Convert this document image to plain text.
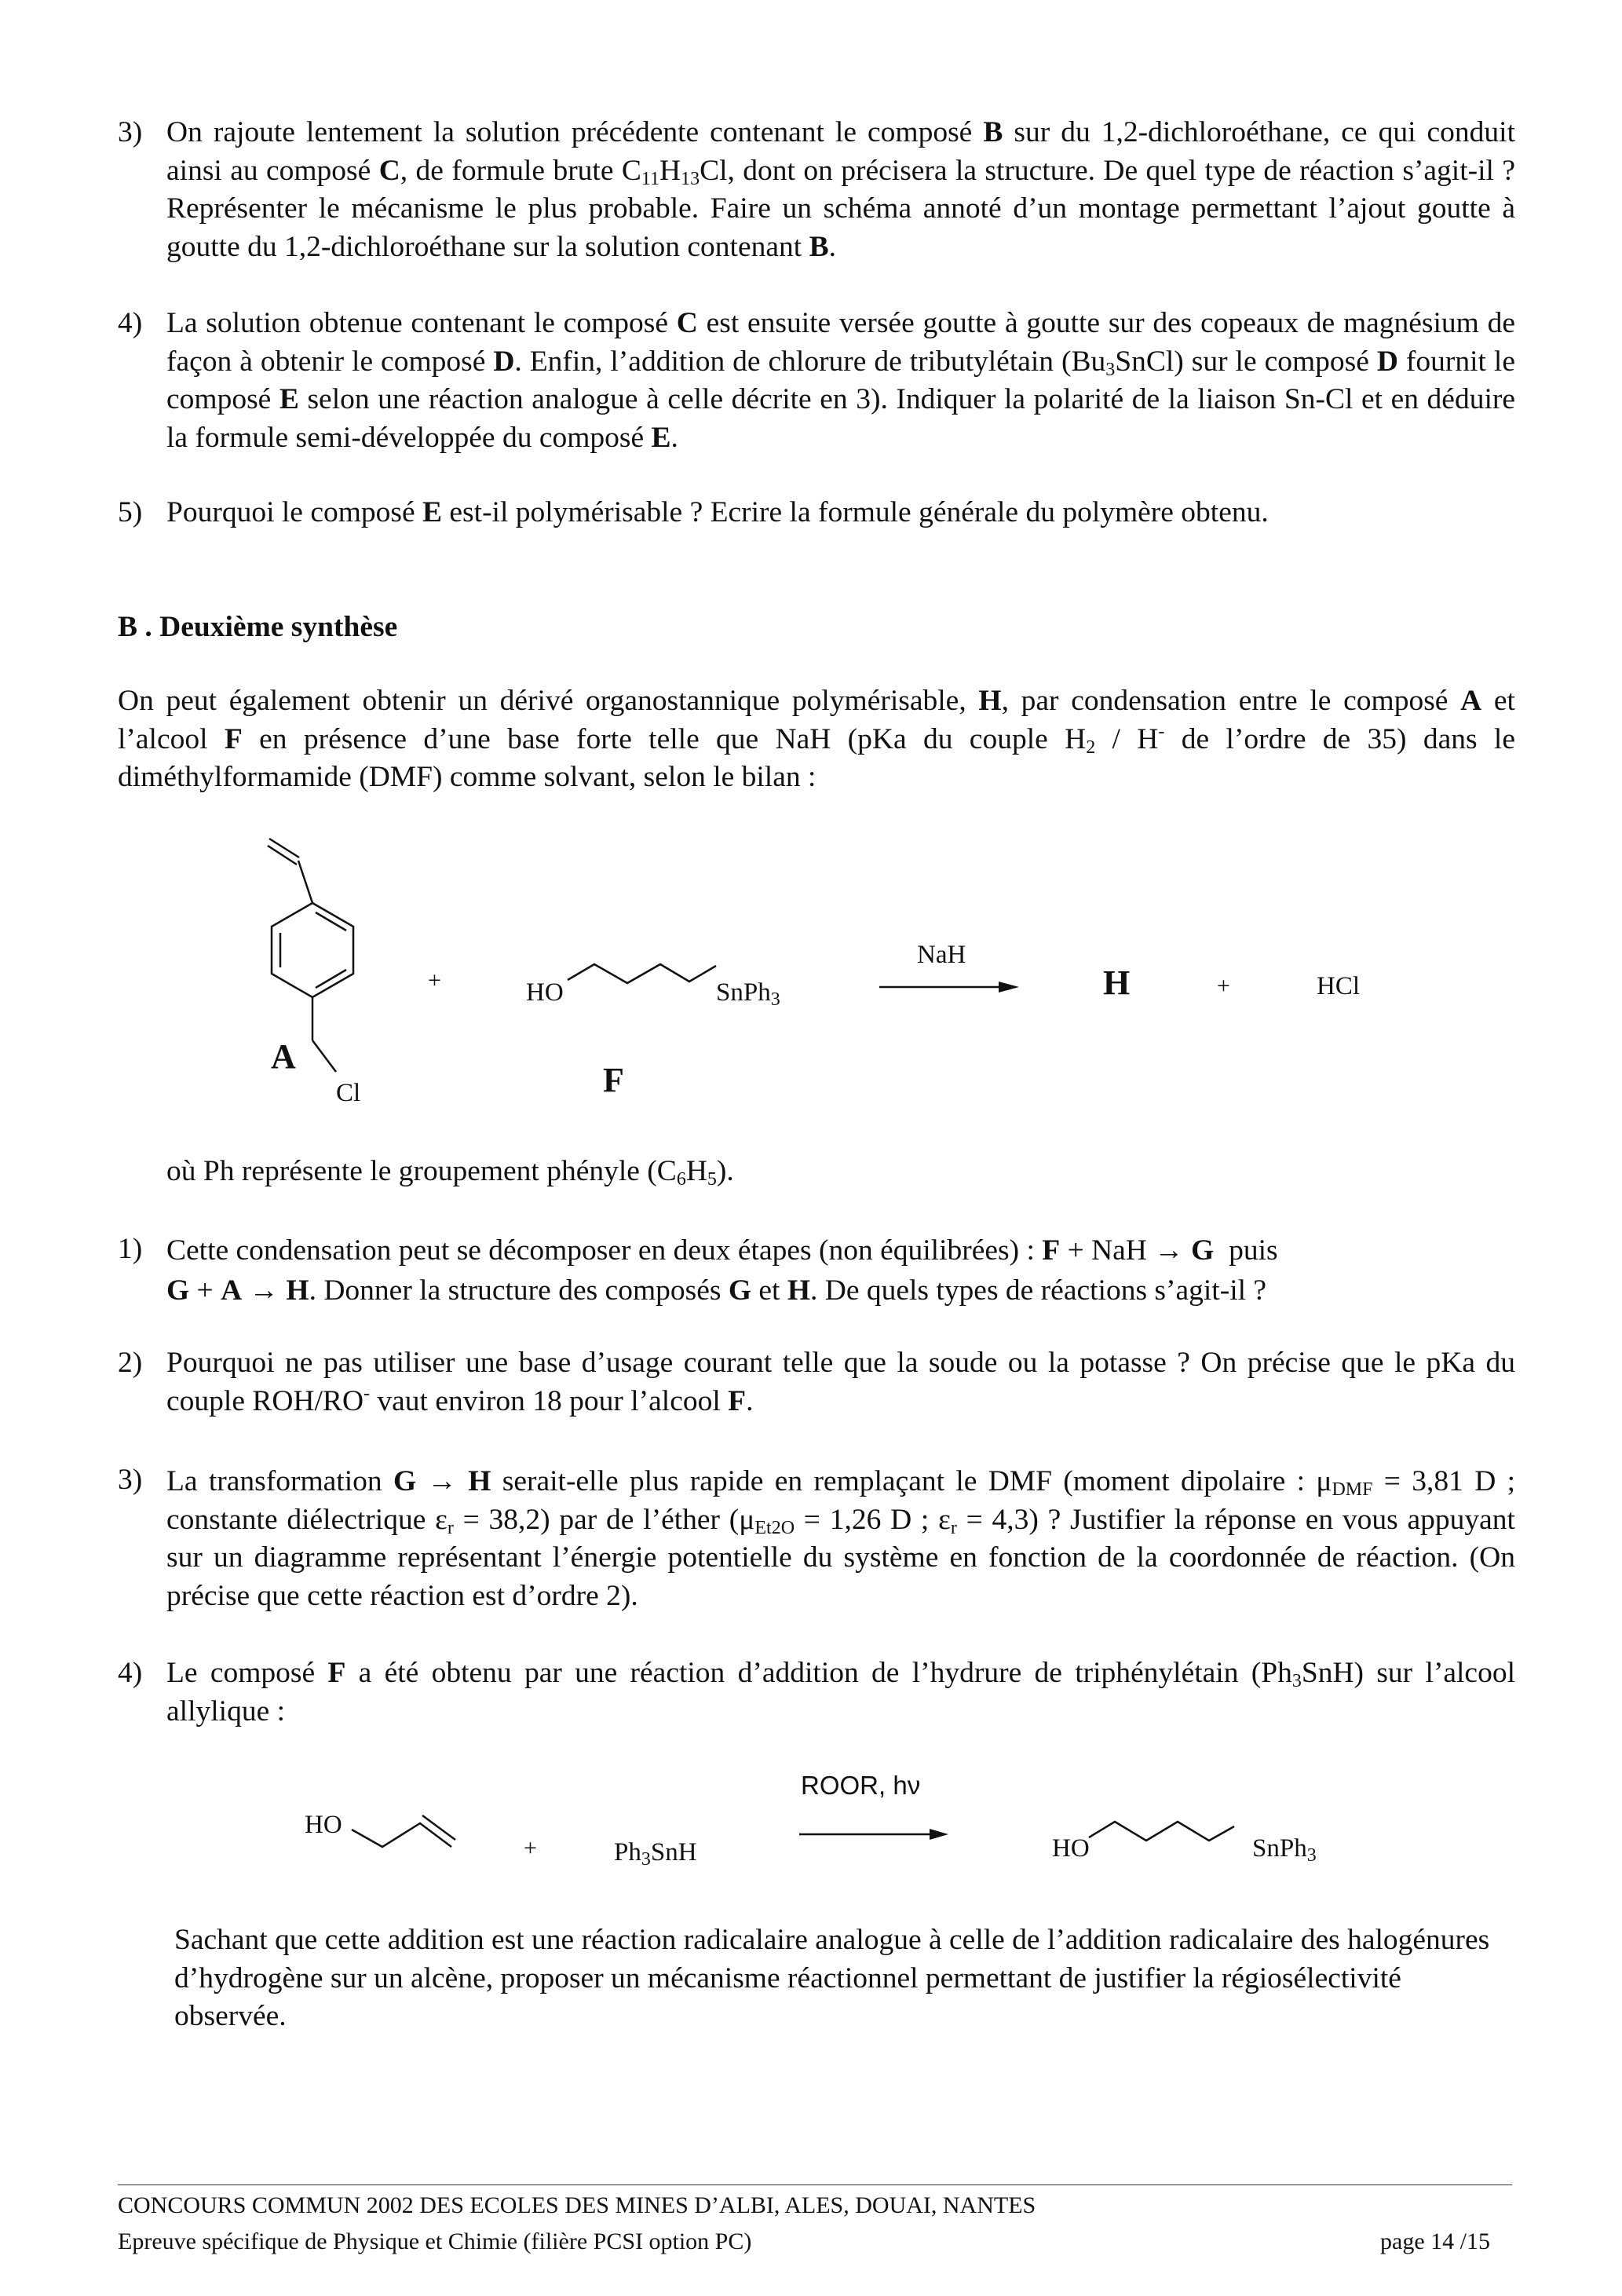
3) On rajoute lentement la solution précédente contenant le composé B sur du 1,2-dichloroéthane, ce qui conduit ainsi au composé C, de formule brute $C_{11}H_{13}Cl$, dont on précisera la structure. De quel type de réaction s’agit-il ? Représenter le mécanisme le plus probable. Faire un schéma annoté d’un montage permettant l’ajout goutte à goutte du 1,2-dichloroéthane sur la solution contenant B.
4) La solution obtenue contenant le composé C est ensuite versée goutte à goutte sur des copeaux de magnésium de façon à obtenir le composé D. Enfin, l’addition de chlorure de tributylétain $(Bu_3SnCl)$ sur le composé D fournit le composé E selon une réaction analogue à celle décrite en 3). Indiquer la polarité de la liaison Sn-Cl et en déduire la formule semi-développée du composé E.
5) Pourquoi le composé E est-il polymérisable ? Ecrire la formule générale du polymère obtenu.
B . Deuxième synthèse
On peut également obtenir un dérivé organostannique polymérisable, H, par condensation entre le composé A et l’alcool F en présence d’une base forte telle que NaH (pKa du couple $H_2 / H^-$ de l’ordre de 35) dans le diméthylformamide (DMF) comme solvant, selon le bilan :
A
Cl
+	HO	SnPh$_3$
F
NaH
H	+	HCl
où Ph représente le groupement phényle $(C_6H_5)$.
1) Cette condensation peut se décomposer en deux étapes (non équilibrées) : F + NaH → G  puis
G + A → H. Donner la structure des composés G et H. De quels types de réactions s’agit-il ?
2) Pourquoi ne pas utiliser une base d’usage courant telle que la soude ou la potasse ? On précise que le pKa du couple ROH/RO- vaut environ 18 pour l’alcool F.
3) La transformation G → H serait-elle plus rapide en remplaçant le DMF (moment dipolaire : $\mu_{DMF} = 3,81$ D ; constante diélectrique $\varepsilon_r = 38,2$) par de l’éther ($\mu_{Et2O} = 1,26$ D ; $\varepsilon_r = 4,3$) ? Justifier la réponse en vous appuyant sur un diagramme représentant l’énergie potentielle du système en fonction de la coordonnée de réaction. (On précise que cette réaction est d’ordre 2).
4) Le composé F a été obtenu par une réaction d’addition de l’hydrure de triphénylétain $(Ph_3SnH)$ sur l’alcool allylique :
HO
+	$Ph_3SnH$
ROOR, hν
HO	SnPh$_3$
Sachant que cette addition est une réaction radicalaire analogue à celle de l’addition radicalaire des halogénures d’hydrogène sur un alcène, proposer un mécanisme réactionnel permettant de justifier la régiosélectivité observée.
CONCOURS COMMUN 2002 DES ECOLES DES MINES D’ALBI, ALES, DOUAI, NANTES
Epreuve spécifique de Physique et Chimie (filière PCSI option PC)	page 14 /15
